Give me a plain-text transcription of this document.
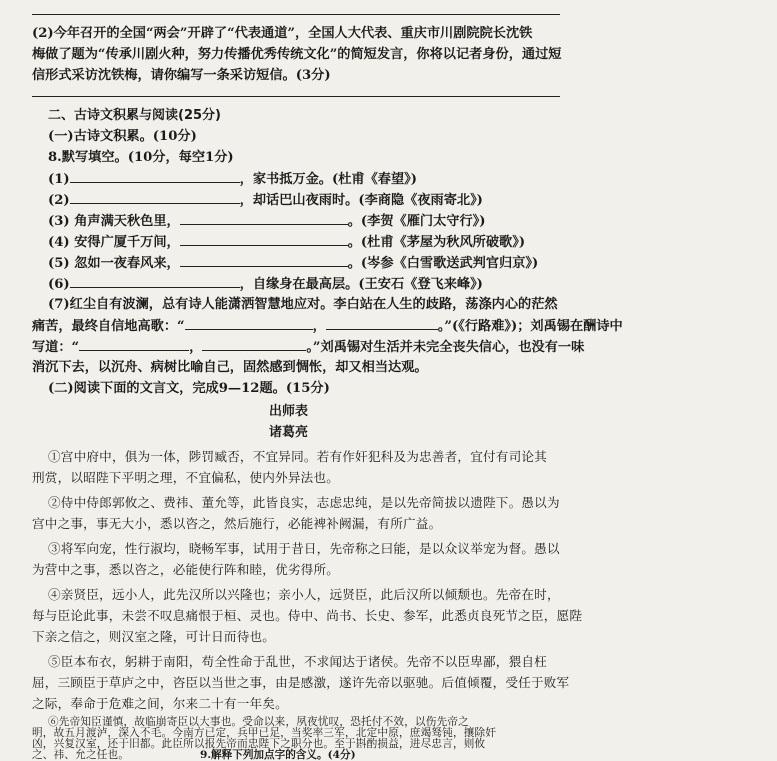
(2)今年召开的全国“两会”开辟了“代表通道”，全国人大代表、重庆市川剧院院长沈铁
梅做了题为“传承川剧火种，努力传播优秀传统文化”的简短发言，你将以记者身份，通过短
信形式采访沈铁梅，请你编写一条采访短信。(3分)
二、古诗文积累与阅读(25分)
(一)古诗文积累。(10分)
8.默写填空。(10分，每空1分)
(1)	，家书抵万金。(杜甫《春望》)
(2)	，却话巴山夜雨时。(李商隐《夜雨寄北》)
(3) 角声满天秋色里，	。(李贺《雁门太守行》)
(4) 安得广厦千万间，	。(杜甫《茅屋为秋风所破歌》)
(5) 忽如一夜春风来，	。(岑参《白雪歌送武判官归京》)
(6)	，自缘身在最高层。(王安石《登飞来峰》)
(7)红尘自有波澜，总有诗人能潇洒智慧地应对。李白站在人生的歧路，荡涤内心的茫然
痛苦，最终自信地高歌：“	，	。”(《行路难》)；刘禹锡在酬诗中
写道：“	，	。”刘禹锡对生活并未完全丧失信心，也没有一味
消沉下去，以沉舟、病树比喻自己，固然感到惆怅，却又相当达观。
(二)阅读下面的文言文，完成9—12题。(15分)
出师表
诸葛亮
①宫中府中，俱为一体，陟罚臧否，不宜异同。若有作奸犯科及为忠善者，宜付有司论其
刑赏，以昭陛下平明之理，不宜偏私，使内外异法也。
②侍中侍郎郭攸之、费祎、董允等，此皆良实，志虑忠纯，是以先帝简拔以遗陛下。愚以为
宫中之事，事无大小，悉以咨之，然后施行，必能裨补阙漏，有所广益。
③将军向宠，性行淑均，晓畅军事，试用于昔日，先帝称之曰能，是以众议举宠为督。愚以
为营中之事，悉以咨之，必能使行阵和睦，优劣得所。
④亲贤臣，远小人，此先汉所以兴隆也；亲小人，远贤臣，此后汉所以倾颓也。先帝在时，
每与臣论此事，未尝不叹息痛恨于桓、灵也。侍中、尚书、长史、参军，此悉贞良死节之臣，愿陛
下亲之信之，则汉室之隆，可计日而待也。
⑤臣本布衣，躬耕于南阳，苟全性命于乱世，不求闻达于诸侯。先帝不以臣卑鄙，猥自枉
屈，三顾臣于草庐之中，咨臣以当世之事，由是感激，遂许先帝以驱驰。后值倾覆，受任于败军
之际，奉命于危难之间，尔来二十有一年矣。
⑥先帝知臣谨慎，故临崩寄臣以大事也。受命以来，夙夜忧叹，恐托付不效，以伤先帝之
明，故五月渡泸，深入不毛。今南方已定，兵甲已足，当奖率三军，北定中原，庶竭驽钝，攘除奸
凶，兴复汉室，还于旧都。此臣所以报先帝而忠陛下之职分也。至于斟酌损益，进尽忠言，则攸
之、祎、允之任也。	9.解释下列加点字的含义。(4分)
